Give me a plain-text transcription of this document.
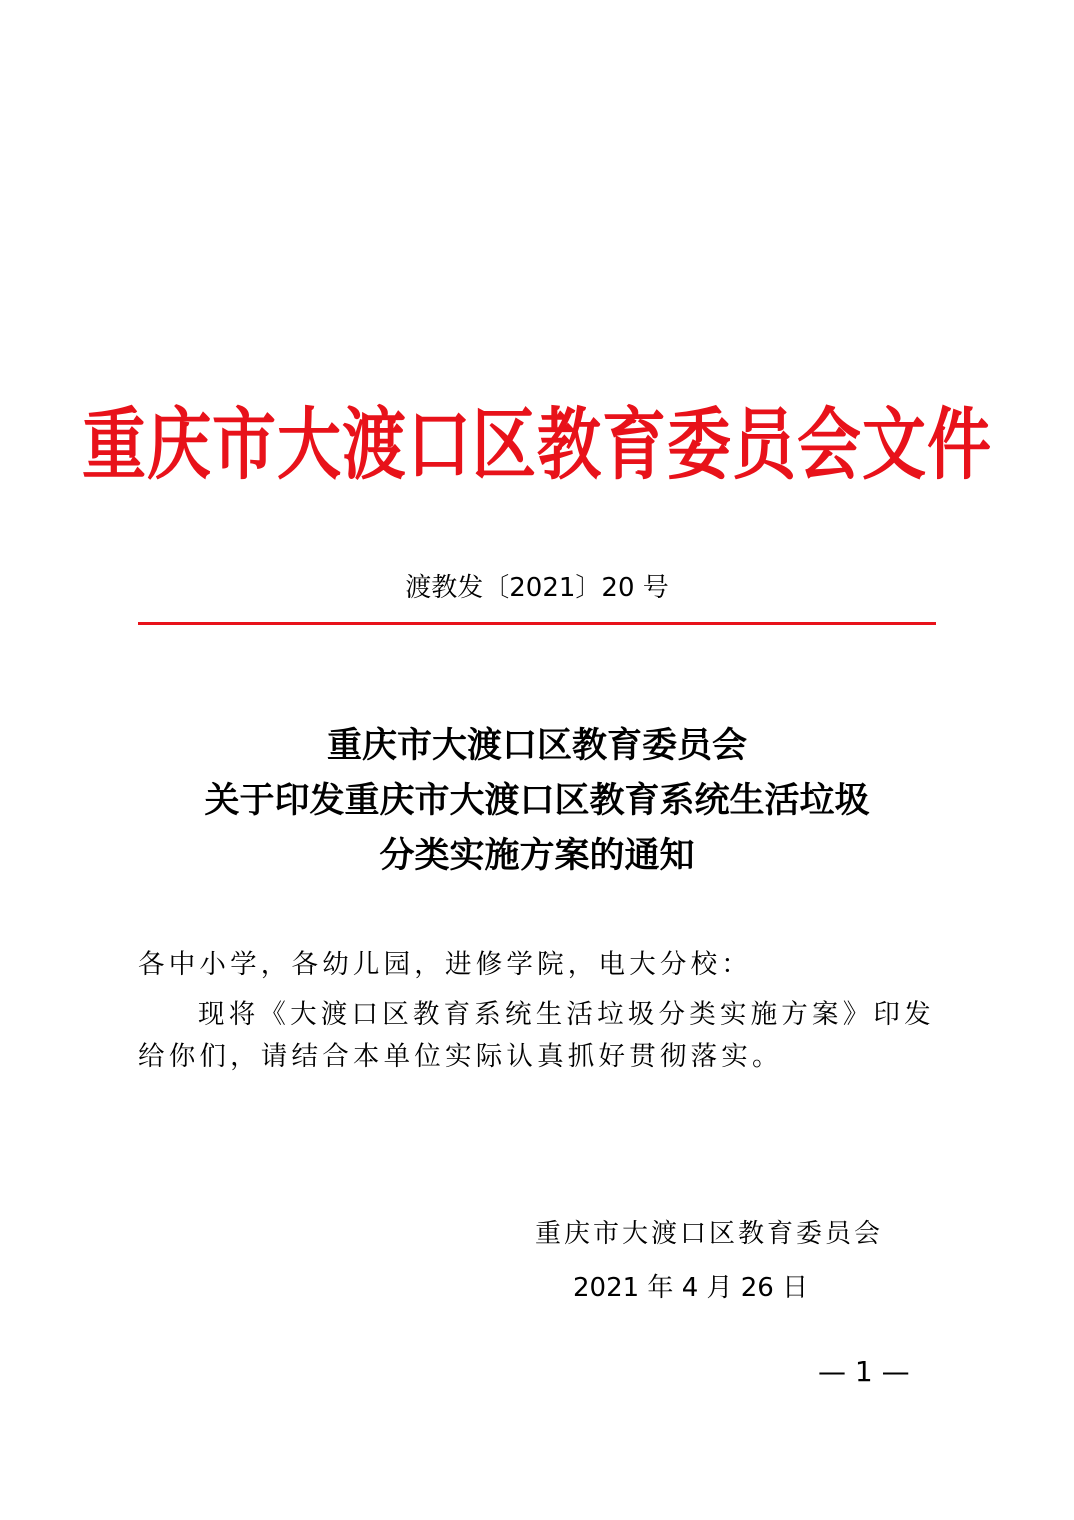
重庆市大渡口区教育委员会文件
渡教发〔2021〕20 号
重庆市大渡口区教育委员会
关于印发重庆市大渡口区教育系统生活垃圾
分类实施方案的通知

各中小学，各幼儿园，进修学院，电大分校：

现将《大渡口区教育系统生活垃圾分类实施方案》印发给你们，请结合本单位实际认真抓好贯彻落实。

重庆市大渡口区教育委员会
2021 年 4 月 26 日
— 1 —
